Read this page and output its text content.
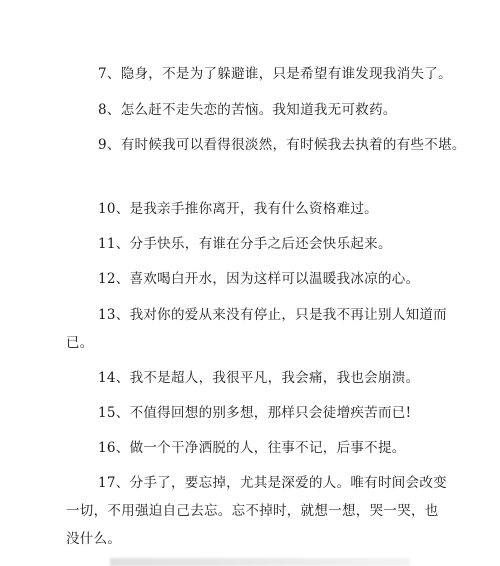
7、隐身，不是为了躲避谁，只是希望有谁发现我消失了。
8、怎么赶不走失恋的苦恼。我知道我无可救药。
9、有时候我可以看得很淡然，有时候我去执着的有些不堪。
10、是我亲手推你离开，我有什么资格难过。
11、分手快乐，有谁在分手之后还会快乐起来。
12、喜欢喝白开水，因为这样可以温暖我冰凉的心。
13、我对你的爱从来没有停止，只是我不再让别人知道而
已。
14、我不是超人，我很平凡，我会痛，我也会崩溃。
15、不值得回想的别多想，那样只会徒增疾苦而已!
16、做一个干净洒脱的人，往事不记，后事不提。
17、分手了，要忘掉，尤其是深爱的人。唯有时间会改变
一切，不用强迫自己去忘。忘不掉时，就想一想，哭一哭，也
没什么。
